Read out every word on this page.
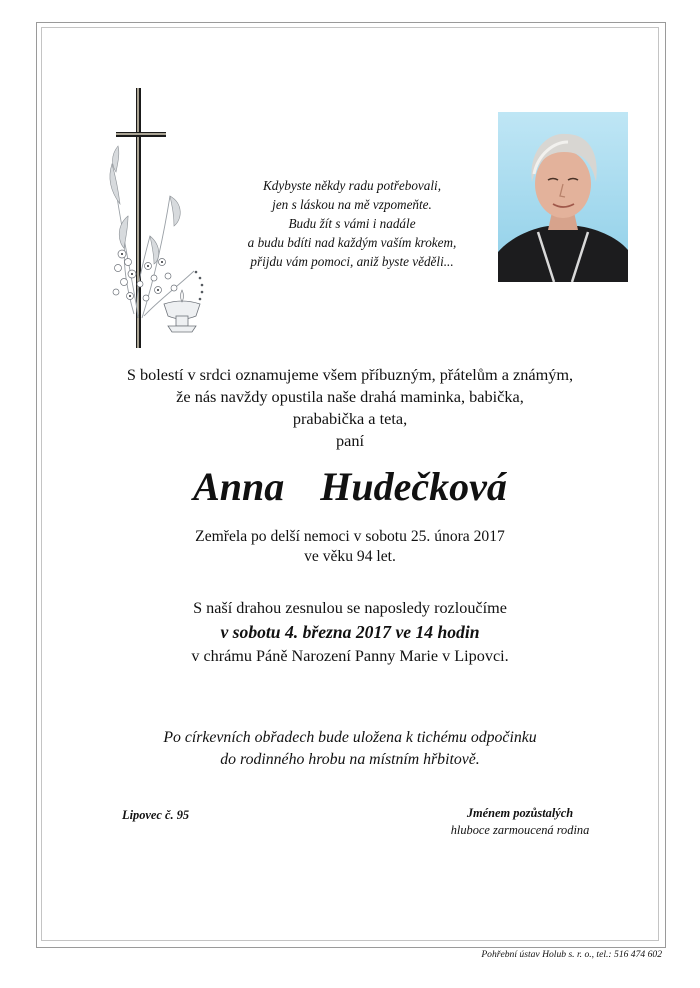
Kdybyste někdy radu potřebovali,
jen s láskou na mě vzpomeňte.
Budu žít s vámi i nadále
a budu bdíti nad každým vaším krokem,
přijdu vám pomoci, aniž byste věděli...
S bolestí v srdci oznamujeme všem příbuzným, přátelům a známým,
že nás navždy opustila naše drahá maminka, babička,
prababička a teta,
paní
Anna  Hudečková
Zemřela po delší nemoci v sobotu 25. února 2017
ve věku 94 let.
S naší drahou zesnulou se naposledy rozloučíme
v sobotu 4. března 2017 ve 14 hodin
v chrámu Páně Narození Panny Marie v Lipovci.
Po církevních obřadech bude uložena k tichému odpočinku
do rodinného hrobu na místním hřbitově.
Lipovec č. 95	Jménem pozůstalých
hluboce zarmoucená rodina
Pohřební ústav Holub s. r. o., tel.: 516 474 602
